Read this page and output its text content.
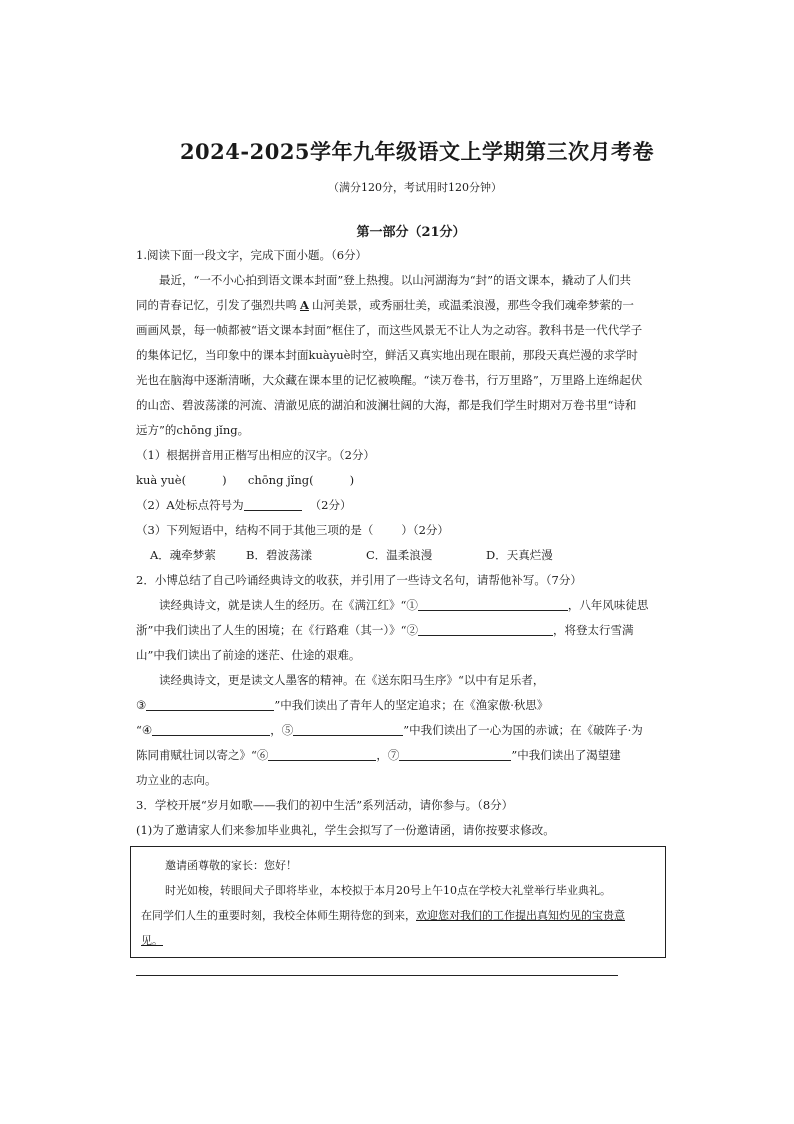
2024-2025学年九年级语文上学期第三次月考卷
（满分120分，考试用时120分钟）
第一部分（21分）
1.阅读下面一段文字，完成下面小题。（6分）
最近，“一不小心拍到语文课本封面”登上热搜。以山河湖海为“封”的语文课本，撬动了人们共
同的青春记忆，引发了强烈共鸣 A 山河美景，或秀丽壮美，或温柔浪漫，那些令我们魂牵梦萦的一
画画风景，每一帧都被“语文课本封面”框住了，而这些风景无不让人为之动容。教科书是一代代学子
的集体记忆，当印象中的课本封面kuàyuè时空，鲜活又真实地出现在眼前，那段天真烂漫的求学时
光也在脑海中逐渐清晰，大众藏在课本里的记忆被唤醒。“读万卷书，行万里路”，万里路上连绵起伏
的山峦、碧波荡漾的河流、清澈见底的湖泊和波澜壮阔的大海，都是我们学生时期对万卷书里“诗和
远方”的chōng jǐng。
（1）根据拼音用正楷写出相应的汉字。（2分）
kuà yuè(	) chōng jǐng(	)
（2）A处标点符号为	（2分）
（3）下列短语中，结构不同于其他三项的是（ ）（2分）
A．魂牵梦萦	B．碧波荡漾	C．温柔浪漫	D．天真烂漫
2．小博总结了自己吟诵经典诗文的收获，并引用了一些诗文名句，请帮他补写。（7分）
读经典诗文，就是读人生的经历。在《满江红》“①	，八年风味徒思
浙”中我们读出了人生的困境；在《行路难（其一）》“②	，将登太行雪满
山”中我们读出了前途的迷茫、仕途的艰难。
读经典诗文，更是读文人墨客的精神。在《送东阳马生序》“以中有足乐者，
③	”中我们读出了青年人的坚定追求；在《渔家傲·秋思》
“④	，⑤	”中我们读出了一心为国的赤诚；在《破阵子·为
陈同甫赋壮词以寄之》“⑥	，⑦	”中我们读出了渴望建
功立业的志向。
3．学校开展“岁月如歌——我们的初中生活”系列活动，请你参与。（8分）
(1)为了邀请家人们来参加毕业典礼，学生会拟写了一份邀请函，请你按要求修改。
邀请函尊敬的家长：您好！
时光如梭，转眼间犬子即将毕业，本校拟于本月20号上午10点在学校大礼堂举行毕业典礼。
在同学们人生的重要时刻，我校全体师生期待您的到来，欢迎您对我们的工作提出真知灼见的宝贵意
见。
